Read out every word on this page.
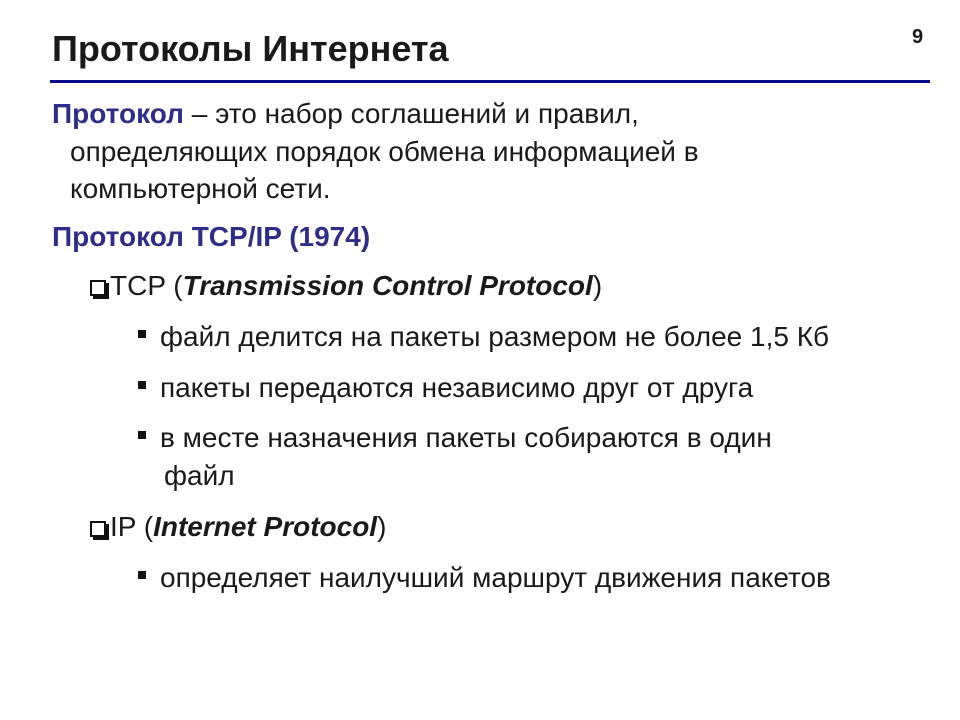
Протоколы Интернета	9
Протокол – это набор соглашений и правил,
определяющих порядок обмена информацией в
компьютерной сети.
Протокол TCP/IP (1974)
TCP (Transmission Control Protocol)
файл делится на пакеты размером не более 1,5 Кб
пакеты передаются независимо друг от друга
в месте назначения пакеты собираются в один
файл
IP (Internet Protocol)
определяет наилучший маршрут движения пакетов
